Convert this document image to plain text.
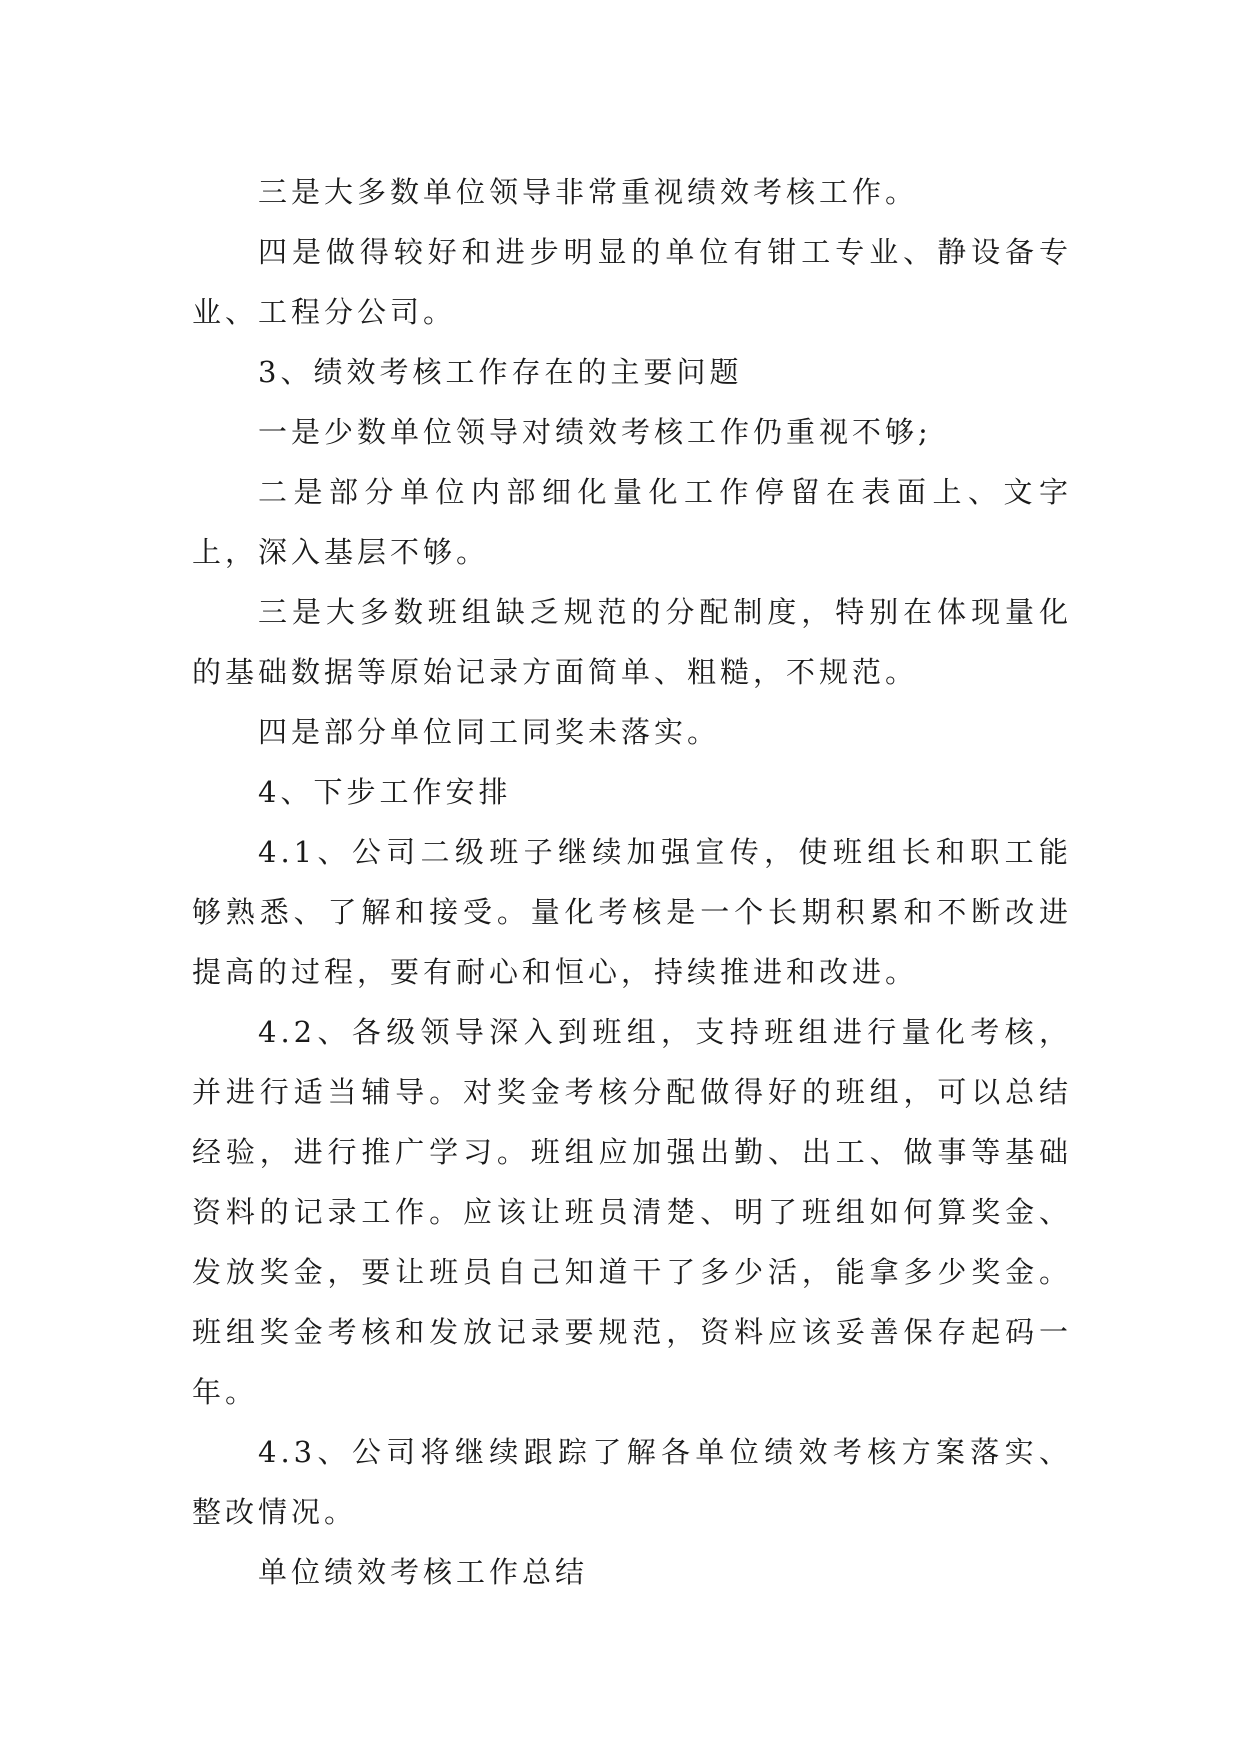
三是大多数单位领导非常重视绩效考核工作。

四是做得较好和进步明显的单位有钳工专业、静设备专业、工程分公司。

3、绩效考核工作存在的主要问题

一是少数单位领导对绩效考核工作仍重视不够;

二是部分单位内部细化量化工作停留在表面上、文字上，深入基层不够。

三是大多数班组缺乏规范的分配制度，特别在体现量化的基础数据等原始记录方面简单、粗糙，不规范。

四是部分单位同工同奖未落实。

4、下步工作安排

4.1、公司二级班子继续加强宣传，使班组长和职工能够熟悉、了解和接受。量化考核是一个长期积累和不断改进提高的过程，要有耐心和恒心，持续推进和改进。

4.2、各级领导深入到班组，支持班组进行量化考核，并进行适当辅导。对奖金考核分配做得好的班组，可以总结经验，进行推广学习。班组应加强出勤、出工、做事等基础资料的记录工作。应该让班员清楚、明了班组如何算奖金、发放奖金，要让班员自己知道干了多少活，能拿多少奖金。班组奖金考核和发放记录要规范，资料应该妥善保存起码一年。

4.3、公司将继续跟踪了解各单位绩效考核方案落实、整改情况。

单位绩效考核工作总结
